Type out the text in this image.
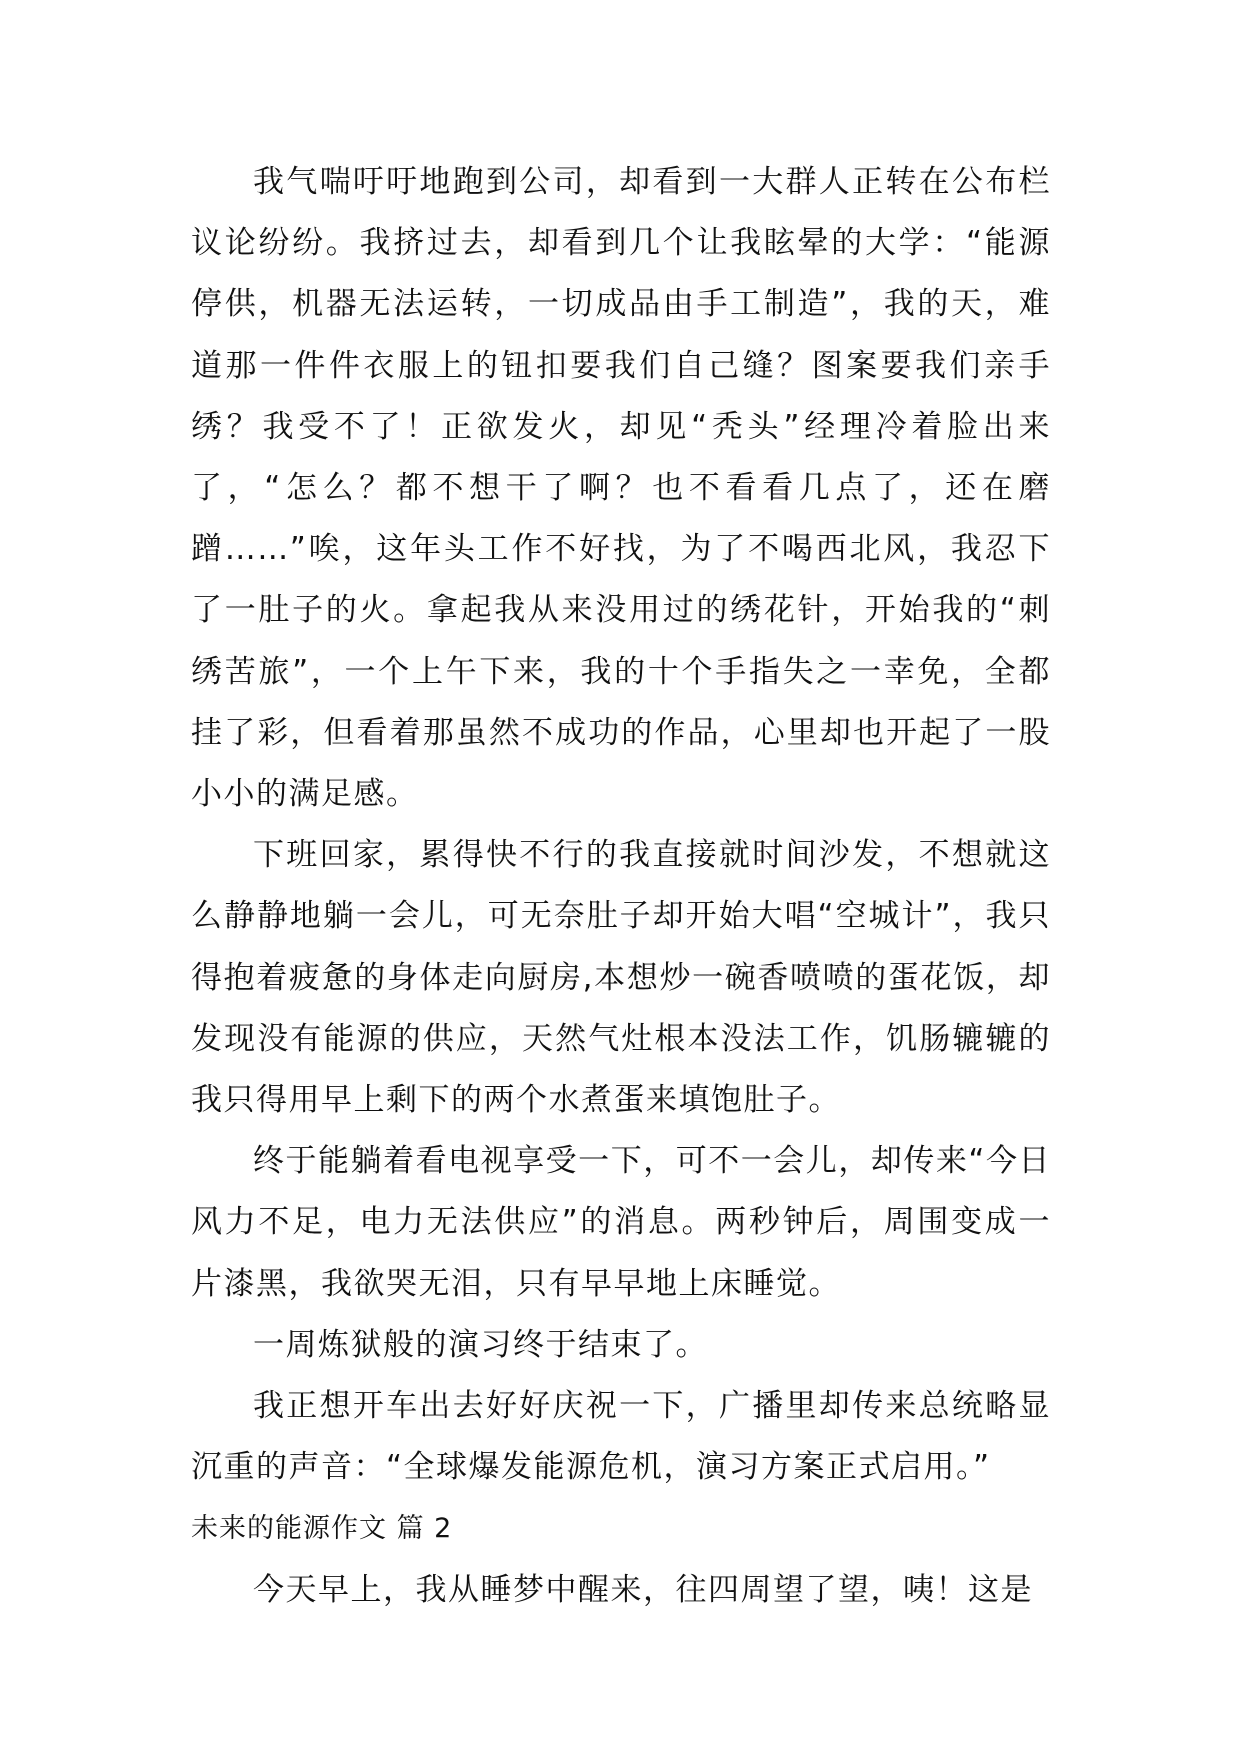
我气喘吁吁地跑到公司，却看到一大群人正转在公布栏议论纷纷。我挤过去，却看到几个让我眩晕的大学：“能源停供，机器无法运转，一切成品由手工制造”，我的天，难道那一件件衣服上的钮扣要我们自己缝？图案要我们亲手绣？我受不了！正欲发火，却见“秃头”经理冷着脸出来了，“怎么？都不想干了啊？也不看看几点了，还在磨蹭……”唉，这年头工作不好找，为了不喝西北风，我忍下了一肚子的火。拿起我从来没用过的绣花针，开始我的“刺绣苦旅”，一个上午下来，我的十个手指失之一幸免，全都挂了彩，但看着那虽然不成功的作品，心里却也开起了一股小小的满足感。

下班回家，累得快不行的我直接就时间沙发，不想就这么静静地躺一会儿，可无奈肚子却开始大唱“空城计”，我只得抱着疲惫的身体走向厨房,本想炒一碗香喷喷的蛋花饭，却发现没有能源的供应，天然气灶根本没法工作，饥肠辘辘的我只得用早上剩下的两个水煮蛋来填饱肚子。

终于能躺着看电视享受一下，可不一会儿，却传来“今日风力不足，电力无法供应”的消息。两秒钟后，周围变成一片漆黑，我欲哭无泪，只有早早地上床睡觉。

一周炼狱般的演习终于结束了。

我正想开车出去好好庆祝一下，广播里却传来总统略显沉重的声音：“全球爆发能源危机，演习方案正式启用。”

未来的能源作文 篇 2

今天早上，我从睡梦中醒来，往四周望了望，咦！这是
